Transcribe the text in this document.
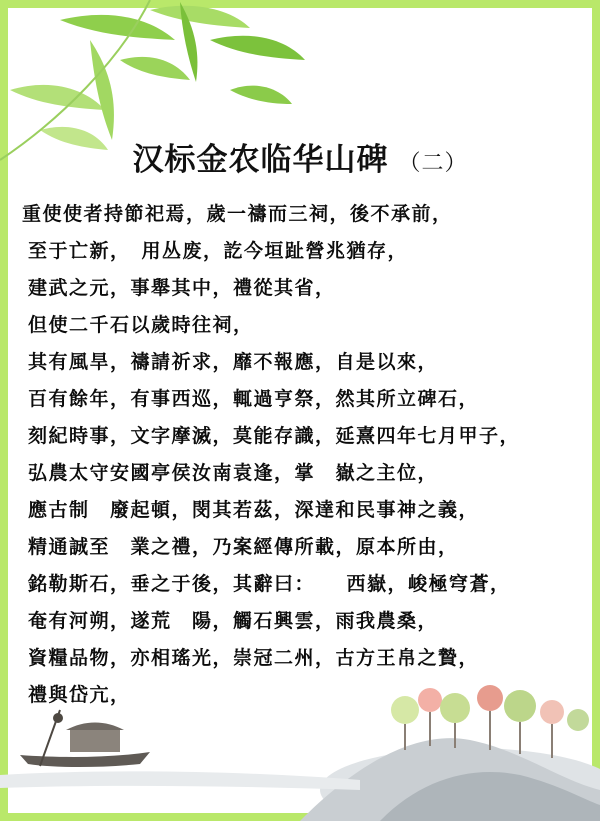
汉标金农临华山碑 （二）
重使使者持節祀焉，歲一禱而三祠，後不承前，
至于亡新，　用丛废，訖今垣趾營兆猶存，
建武之元，事舉其中，禮從其省，
但使二千石以歲時往祠，
其有風旱，禱請祈求，靡不報應，自是以來，
百有餘年，有事西巡，輒過亨祭，然其所立碑石，
刻紀時事，文字摩滅，莫能存識，延熹四年七月甲子，
弘農太守安國亭侯汝南袁逢，掌　嶽之主位，
應古制　廢起頓，閔其若茲，深達和民事神之義，
精通誠至　業之禮，乃案經傳所載，原本所由，
銘勒斯石，垂之于後，其辭曰：　　西嶽，峻極穹蒼，
奄有河朔，遂荒　陽，觸石興雲，雨我農桑，
資糧品物，亦相瑤光，崇冠二州，古方王帛之贄，
禮與岱亢，
